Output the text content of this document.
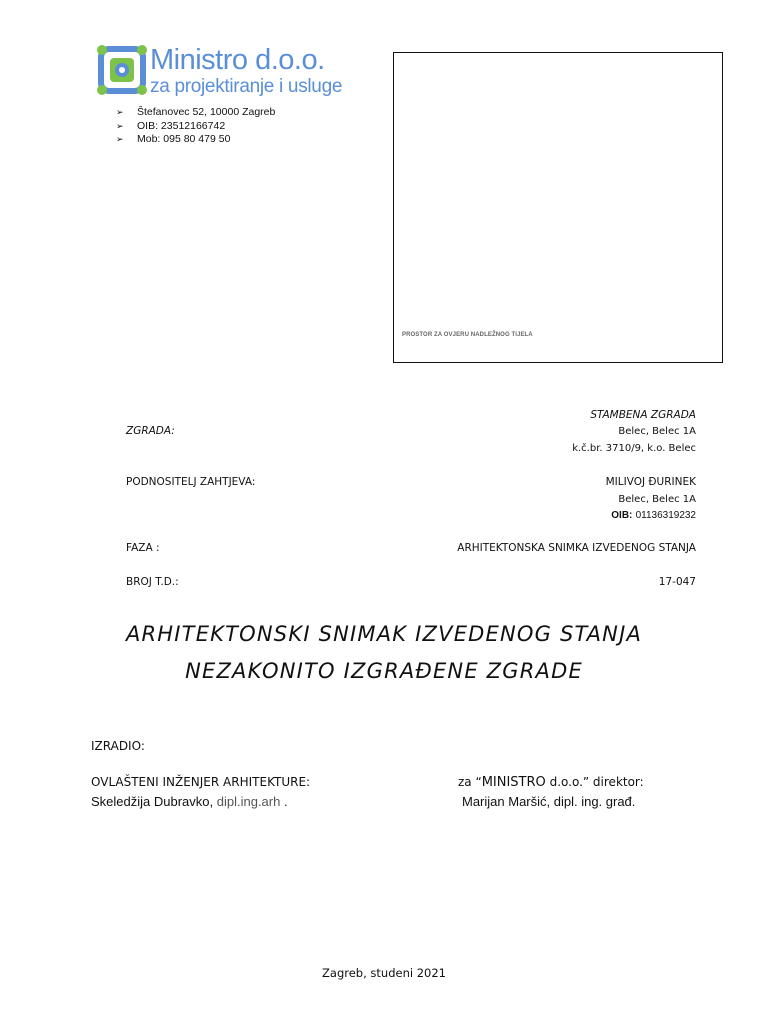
Ministro d.o.o.
za projektiranje i usluge
➢ Štefanovec 52, 10000 Zagreb
➢ OIB: 23512166742
➢ Mob: 095 80 479 50
PROSTOR ZA OVJERU NADLEŽNOG TIJELA
ZGRADA:
STAMBENA ZGRADA
Belec, Belec 1A
k.č.br. 3710/9, k.o. Belec
PODNOSITELJ ZAHTJEVA:	MILIVOJ ĐURINEK
Belec, Belec 1A
OIB: 01136319232
FAZA :	ARHITEKTONSKA SNIMKA IZVEDENOG STANJA
BROJ T.D.:	17-047
ARHITEKTONSKI SNIMAK IZVEDENOG STANJA
NEZAKONITO IZGRAĐENE ZGRADE
IZRADIO:
OVLAŠTENI INŽENJER ARHITEKTURE:
Skeledžija Dubravko, dipl.ing.arh .
za “MINISTRO d.o.o.” direktor:
Marijan Maršić, dipl. ing. građ.
Zagreb, studeni 2021
